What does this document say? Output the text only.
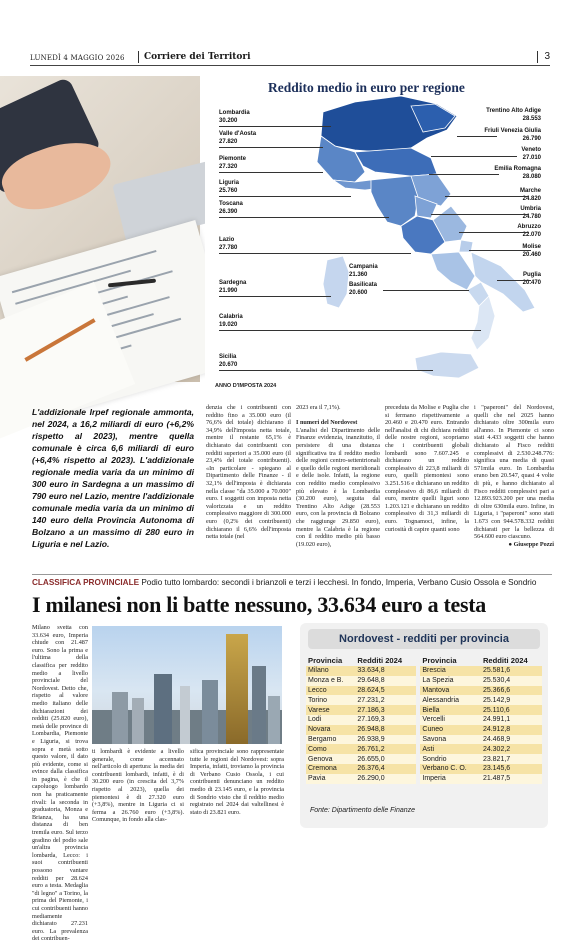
LUNEDÌ 4 MAGGIO 2026 Corriere dei Territori	3
Reddito medio in euro per regione
Lombardia
30.200
Valle d'Aosta
27.820
Piemonte
27.320
Liguria
25.760
Toscana
26.390
Lazio
27.780
Sardegna
21.990
Calabria
19.020
Sicilia
20.670
Trentino Alto Adige
28.553
Friuli Venezia Giulia
26.790
Veneto
27.010
Emilia Romagna
28.080
Marche
24.820
Umbria
24.780
Abruzzo
22.070
Molise
20.460
Puglia
20.470
Campania
21.360
Basilicata
20.600
ANNO D'IMPOSTA 2024
L'addizionale Irpef regionale ammonta, nel 2024, a 16,2 miliardi di euro (+6,2% rispetto al 2023), mentre quella comunale è circa 6,6 miliardi di euro (+6,4% rispetto al 2023). L'addizionale regionale media varia da un minimo di 300 euro in Sardegna a un massimo di 790 euro nel Lazio, mentre l'addizionale comunale media varia da un minimo di 140 euro della Provincia Autonoma di Bolzano a un massimo di 280 euro in Liguria e nel Lazio.
denzia che i contribuenti con reddito fino a 35.000 euro (il 76,6% del totale) dichiarano il 34,9% dell'imposta netta totale, mentre il restante 65,1% è dichiarato dai contribuenti con redditi superiori a 35.000 euro (il 23,4% del totale contribuenti). «In particolare - spiegano al Dipartimento delle Finanze - il 32,1% dell'imposta è dichiarata nella classe "da 35.000 a 70.000" euro. I soggetti con imposta netta valorizzata e un reddito complessivo maggiore di 300.000 euro (0,2% dei contribuenti) dichiarano il 6,6% dell'imposta netta totale (nel
2023 era il 7,1%).

I numeri del Nordovest
L'analisi del Dipartimento delle Finanze evidenzia, inanzitutto, il persistere di una distanza significativa tra il reddito medio delle regioni centro-settentrionali e quello delle regioni meridionali e delle isole. Infatti, la regione con reddito medio complessivo più elevato è la Lombardia (30.200 euro), seguita dal Trentino Alto Adige (28.553 euro, con la provincia di Bolzano che raggiunge 29.850 euro), mentre la Calabria è la regione con il reddito medio più basso (19.020 euro),
preceduta da Molise e Puglia che si fermano rispettivamente a 20.460 e 20.470 euro. Entrando nell'analisi di chi dichiara redditi delle nostre regioni, scopriamo che i contribuenti globali lombardi sono 7.607.245 e dichiarano un reddito complessivo di 223,8 miliardi di euro, quelli piemontesi sono 3.251.516 e dichiarano un reddito complessivo di 86,6 miliardi di euro, mentre quelli liguri sono 1.203.121 e dichiarano un reddito complessivo di 31,3 miliardi di euro. Tognamoci, infine, la curiosità di capire quanti sono
i "paperoni" del Nordovest, quelli che nel 2025 hanno dichiarato oltre 300mila euro all'anno. In Piemonte ci sono stati 4.433 soggetti che hanno dichiarato al Fisco redditi complessivi di 2.530.248.776: significa una media di quasi 571mila euro. In Lombardia erano ben 20.547, quasi 4 volte di più, e hanno dichiarato al Fisco redditi complessivi pari a 12.893.923.200 per una media di oltre 630mila euro. Infine, in Liguria, i "paperoni" sono stati 1.673 con 944.578.332 redditi dichiarati per la bellezza di 564.600 euro ciascuno.
● Giuseppe Pozzi
CLASSIFICA PROVINCIALE Podio tutto lombardo: secondi i brianzoli e terzi i lecchesi. In fondo, Imperia, Verbano Cusio Ossola e Sondrio
I milanesi non li batte nessuno, 33.634 euro a testa
Milano svetta con 33.634 euro, Imperia chiude con 21.487 euro. Sono la prima e l'ultima della classifica per reddito medio a livello provinciale del Nordovest. Detto che, rispetto al valore medio italiano delle dichiarazioni dei redditi (25.820 euro), metà delle province di Lombardia, Piemonte e Liguria, si trova sopra e metà sotto questo valore, il dato più evidente, come si evince dalla classifica in pagina, è che il capoluogo lombardo non ha praticamente rivali: la seconda in graduatoria, Monza e Brianza, ha una distanza di ben tremila euro. Sul terzo gradino del podio sale un'altra provincia lombarda, Lecco: i suoi contribuenti possono vantare redditi per 28.624 euro a testa. Medaglia "di legno" a Torino, la prima del Piemonte, i cui contribuenti hanno mediamente dichiarato 27.231 euro. La prevalenza dei contribuen-
ti lombardi è evidente a livello generale, come accennato nell'articolo di apertura: la media dei contribuenti lombardi, infatti, è di 30.200 euro (in crescita del 3,7% rispetto al 2023), quella dei piemontesi è di 27.320 euro (+3,8%), mentre in Liguria ci si ferma a 26.760 euro (+3,8%). Comunque, in fondo alla clas-
sifica provinciale sono rappresentate tutte le regioni del Nordovest: sopra Imperia, infatti, troviamo la provincia di Verbano Cusio Ossola, i cui contribuenti denunciano un reddito medio di 23.145 euro, e la provincia di Sondrio visto che il reddito medio registrato nel 2024 dai valtellinesi è stato di 23.821 euro.
Nordovest - redditi per provincia
Provincia	Redditi 2024		Provincia	Redditi 2024
Milano	33.634,8		Brescia	25.581,6
Monza e B.	29.648,8		La Spezia	25.530,4
Lecco	28.624,5		Mantova	25.366,6
Torino	27.231,2		Alessandria	25.142,9
Varese	27.186,3		Biella	25.110,6
Lodi	27.169,3		Vercelli	24.991,1
Novara	26.948,8		Cuneo	24.912,8
Bergamo	26.938,9		Savona	24.468,9
Como	26.761,2		Asti	24.302,2
Genova	26.655,0		Sondrio	23.821,7
Cremona	26.376,4		Verbano C. O.	23.145,6
Pavia	26.290,0		Imperia	21.487,5
Fonte: Dipartimento delle Finanze
